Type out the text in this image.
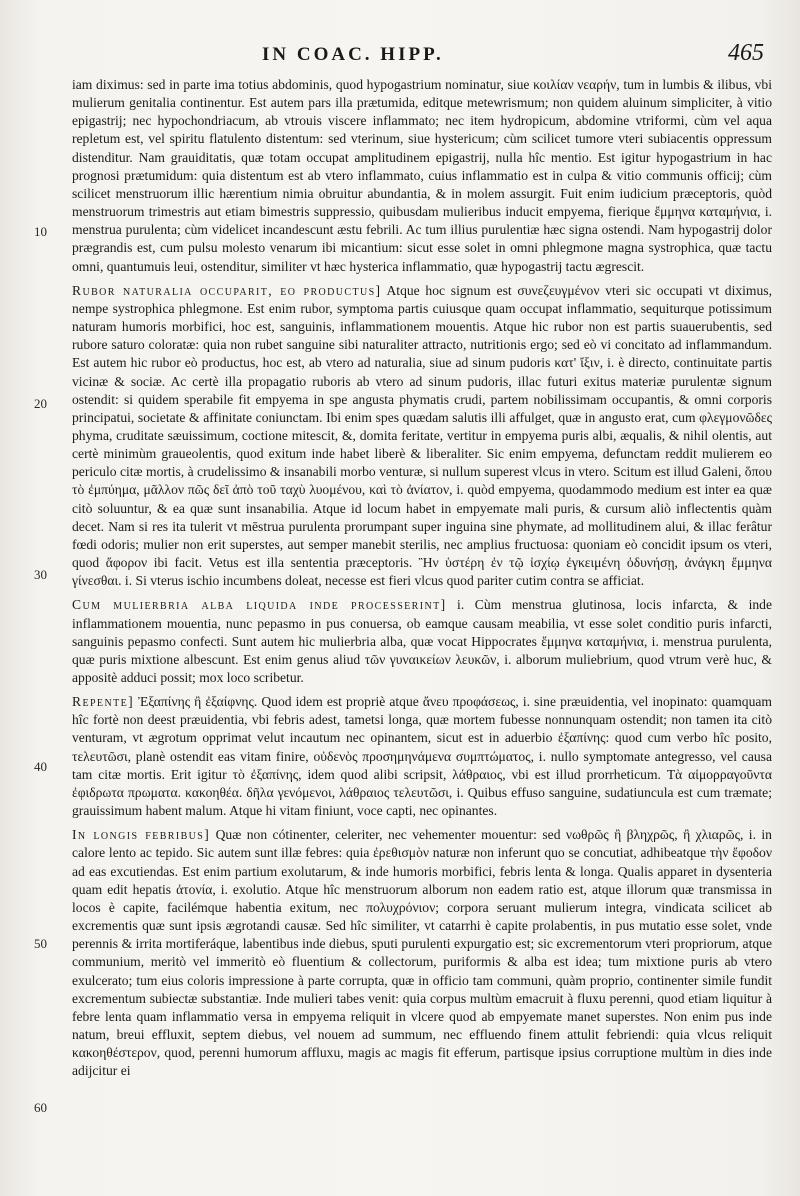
IN COAC. HIPP.	465
10
20
30
40
50
60

iam diximus: sed in parte ima totius abdominis, quod hypogastrium nominatur, siue κοιλίαν νεαρήν, tum in lumbis & ilibus, vbi mulierum genitalia continentur. Est autem pars illa prætumida, editque metewrismum; non quidem aluinum simpliciter, à vitio epigastrij; nec hypochondriacum, ab vtrouis viscere inflammato; nec item hydropicum, abdomine vtriformi, cùm vel aqua repletum est, vel spiritu flatulento distentum: sed vterinum, siue hystericum; cùm scilicet tumore vteri subiacentis oppressum distenditur. Nam grauiditatis, quæ totam occupat amplitudinem epigastrij, nulla hîc mentio. Est igitur hypogastrium in hac prognosi prætumidum: quia distentum est ab vtero inflammato, cuius inflammatio est in culpa & vitio communis officij; cùm scilicet menstruorum illic hærentium nimia obruitur abundantia, & in molem assurgit. Fuit enim iudicium præceptoris, quòd menstruorum trimestris aut etiam bimestris suppressio, quibusdam mulieribus inducit empyema, fierique ἔμμηνα καταμήνια, i. menstrua purulenta; cùm videlicet incandescunt æstu febrili. Ac tum illius purulentiæ hæc signa ostendi. Nam hypogastrij dolor prægrandis est, cum pulsu molesto venarum ibi micantium: sicut esse solet in omni phlegmone magna systrophica, quæ tactu omni, quantumuis leui, ostenditur, similiter vt hæc hysterica inflammatio, quæ hypogastrij tactu ægrescit.

Rubor naturalia occuparit, eo productus] Atque hoc signum est συνεζευγμένον vteri sic occupati vt diximus, nempe systrophica phlegmone. Est enim rubor, symptoma partis cuiusque quam occupat inflammatio, sequiturque potissimum naturam humoris morbifici, hoc est, sanguinis, inflammationem mouentis. Atque hic rubor non est partis suauerubentis, sed rubore saturo coloratæ: quia non rubet sanguine sibi naturaliter attracto, nutritionis ergo; sed eò vi concitato ad inflammandum. Est autem hic rubor eò productus, hoc est, ab vtero ad naturalia, siue ad sinum pudoris κατ' ἴξιν, i. è directo, continuitate partis vicinæ & sociæ. Ac certè illa propagatio ruboris ab vtero ad sinum pudoris, illac futuri exitus materiæ purulentæ signum ostendit: si quidem sperabile fit empyema in spe angusta phymatis crudi, partem nobilissimam occupantis, & omni corporis principatui, societate & affinitate coniunctam. Ibi enim spes quædam salutis illi affulget, quæ in angusto erat, cum φλεγμονῶδες phyma, cruditate sæuissimum, coctione mitescit, &, domita feritate, vertitur in empyema puris albi, æqualis, & nihil olentis, aut certè minimùm graueolentis, quod exitum inde habet liberè & liberaliter. Sic enim empyema, defunctam reddit mulierem eo periculo citæ mortis, à crudelissimo & insanabili morbo venturæ, si nullum superest vlcus in vtero. Scitum est illud Galeni, ὅπου τὸ ἐμπύημα, μᾶλλον πῶς δεῖ ἀπὸ τοῦ ταχὺ λυομένου, καὶ τὸ ἀνίατον, i. quòd empyema, quodammodo medium est inter ea quæ citò soluuntur, & ea quæ sunt insanabilia. Atque id locum habet in empyemate mali puris, & cursum aliò inflectentis quàm decet. Nam si res ita tulerit vt mēstrua purulenta prorumpant super inguina sine phymate, ad mollitudinem alui, & illac ferâtur fœdi odoris; mulier non erit superstes, aut semper manebit sterilis, nec amplius fructuosa: quoniam eò concidit ipsum os vteri, quod ἄφορον ibi facit. Vetus est illa sententia præceptoris. Ἢν ὑστέρη ἐν τῷ ἰσχίῳ ἐγκειμένη ὀδυνήσῃ, ἀνάγκη ἔμμηνα γίνεσθαι. i. Si vterus ischio incumbens doleat, necesse est fieri vlcus quod pariter cutim contra se afficiat.

Cum mulierbria alba liquida inde processerint] i. Cùm menstrua glutinosa, locis infarcta, & inde inflammationem mouentia, nunc pepasmo in pus conuersa, ob eamque causam meabilia, vt esse solet conditio puris infarcti, sanguinis pepasmo confecti. Sunt autem hic mulierbria alba, quæ vocat Hippocrates ἔμμηνα καταμήνια, i. menstrua purulenta, quæ puris mixtione albescunt. Est enim genus aliud τῶν γυναικείων λευκῶν, i. alborum muliebrium, quod vtrum verè huc, & appositè adduci possit; mox loco scribetur.

Repente] Ἐξαπίνης ἢ ἐξαίφνης. Quod idem est propriè atque ἄνευ προφάσεως, i. sine præuidentia, vel inopinato: quamquam hîc fortè non deest præuidentia, vbi febris adest, tametsi longa, quæ mortem fubesse nonnunquam ostendit; non tamen ita citò venturam, vt ægrotum opprimat velut incautum nec opinantem, sicut est in aduerbio ἐξαπίνης: quod cum verbo hîc posito, τελευτῶσι, planè ostendit eas vitam finire, οὐδενὸς προσημηνάμενα συμπτώματος, i. nullo symptomate antegresso, vel causa tam citæ mortis. Erit igitur τὸ ἐξαπίνης, idem quod alibi scripsit, λάθραιος, vbi est illud prorrheticum. Τὰ αἱμορραγοῦντα ἐφιδρωτα πρωματα. κακοηθέα. δῆλα γενόμενοι, λάθραιος τελευτῶσι, i. Quibus effuso sanguine, sudatiuncula est cum træmate; grauissimum habent malum. Atque hi vitam finiunt, voce capti, nec opinantes.

In longis febribus] Quæ non cótinenter, celeriter, nec vehementer mouentur: sed νωθρῶς ἢ βληχρῶς, ἢ χλιαρῶς, i. in calore lento ac tepido. Sic autem sunt illæ febres: quia ἐρεθισμὸν naturæ non inferunt quo se concutiat, adhibeatque τὴν ἔφοδον ad eas excutiendas. Est enim partium exolutarum, & inde humoris morbifici, febris lenta & longa. Qualis apparet in dysenteria quam edit hepatis ἀτονία, i. exolutio. Atque hîc menstruorum alborum non eadem ratio est, atque illorum quæ transmissa in locos è capite, facilémque habentia exitum, nec πολυχρόνιον; corpora seruant mulierum integra, vindicata scilicet ab excrementis quæ sunt ipsis ægrotandi causæ. Sed hîc similiter, vt catarrhi è capite prolabentis, in pus mutatio esse solet, vnde perennis & irrita mortiferáque, labentibus inde diebus, sputi purulenti expurgatio est; sic excrementorum vteri propriorum, atque communium, meritò vel immeritò eò fluentium & collectorum, puriformis & alba est idea; tum mixtione puris ab vtero exulcerato; tum eius coloris impressione à parte corrupta, quæ in officio tam communi, quàm proprio, continenter simile fundit excrementum subiectæ substantiæ. Inde mulieri tabes venit: quia corpus multùm emacruit à fluxu perenni, quod etiam liquitur à febre lenta quam inflammatio versa in empyema reliquit in vlcere quod ab empyemate manet superstes. Non enim pus inde natum, breui effluxit, septem diebus, vel nouem ad summum, nec effluendo finem attulit febriendi: quia vlcus reliquit κακοηθέστερον, quod, perenni humorum affluxu, magis ac magis fit efferum, partisque ipsius corruptione multùm in dies inde adijcitur ei
